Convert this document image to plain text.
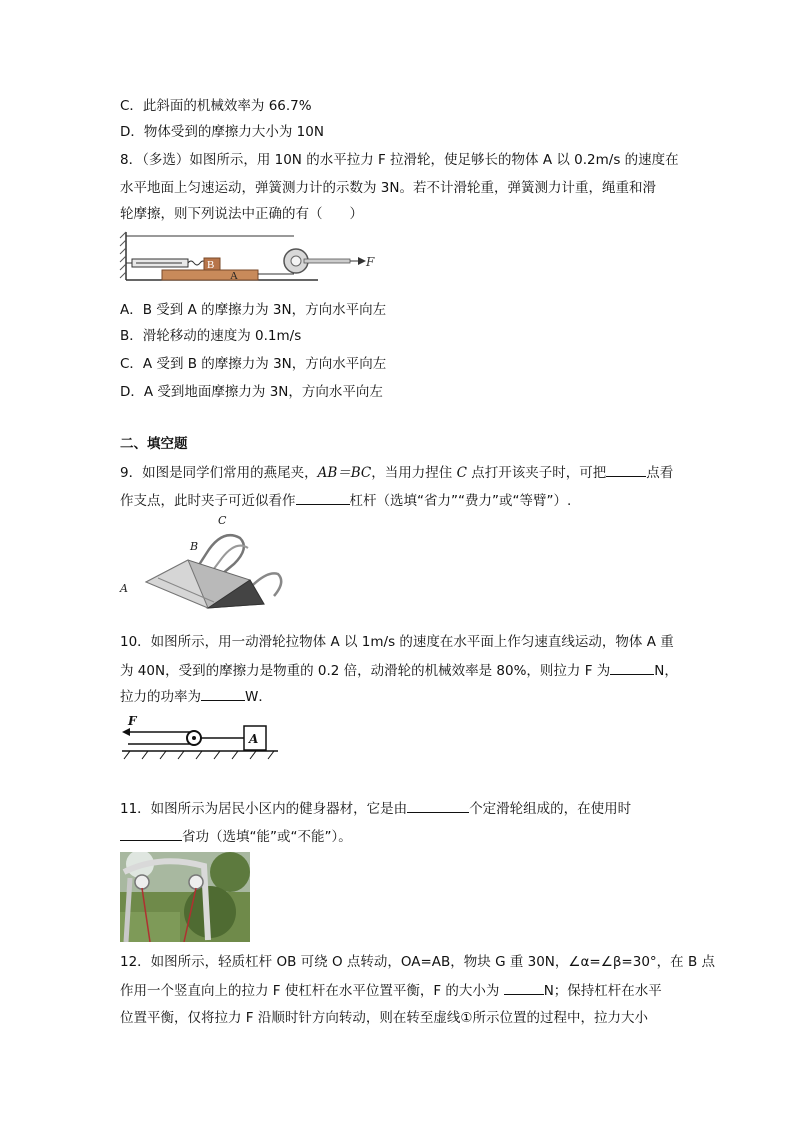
C．此斜面的机械效率为 66.7%
D．物体受到的摩擦力大小为 10N
8．（多选）如图所示，用 10N 的水平拉力 F 拉滑轮，使足够长的物体 A 以 0.2m/s 的速度在
水平地面上匀速运动，弹簧测力计的示数为 3N。若不计滑轮重，弹簧测力计重，绳重和滑
轮摩擦，则下列说法中正确的有（　　）
A
B	F
A．B 受到 A 的摩擦力为 3N，方向水平向左
B．滑轮移动的速度为 0.1m/s
C．A 受到 B 的摩擦力为 3N，方向水平向左
D．A 受到地面摩擦力为 3N，方向水平向左
二、填空题
9．如图是同学们常用的燕尾夹，AB＝BC，当用力捏住 C 点打开该夹子时，可把	点看
作支点，此时夹子可近似看作	杠杆（选填“省力”“费力”或“等臂”）.
C
B
A
10．如图所示，用一动滑轮拉物体 A 以 1m/s 的速度在水平面上作匀速直线运动，物体 A 重
为 40N，受到的摩擦力是物重的 0.2 倍，动滑轮的机械效率是 80%，则拉力 F 为	N，
拉力的功率为	W．
F
A
11．如图所示为居民小区内的健身器材，它是由	个定滑轮组成的，在使用时
省功（选填“能”或“不能”）。
12．如图所示，轻质杠杆 OB 可绕 O 点转动，OA=AB，物块 G 重 30N，∠α=∠β=30°，在 B 点
作用一个竖直向上的拉力 F 使杠杆在水平位置平衡，F 的大小为	N；保持杠杆在水平
位置平衡，仅将拉力 F 沿顺时针方向转动，则在转至虚线①所示位置的过程中，拉力大小
